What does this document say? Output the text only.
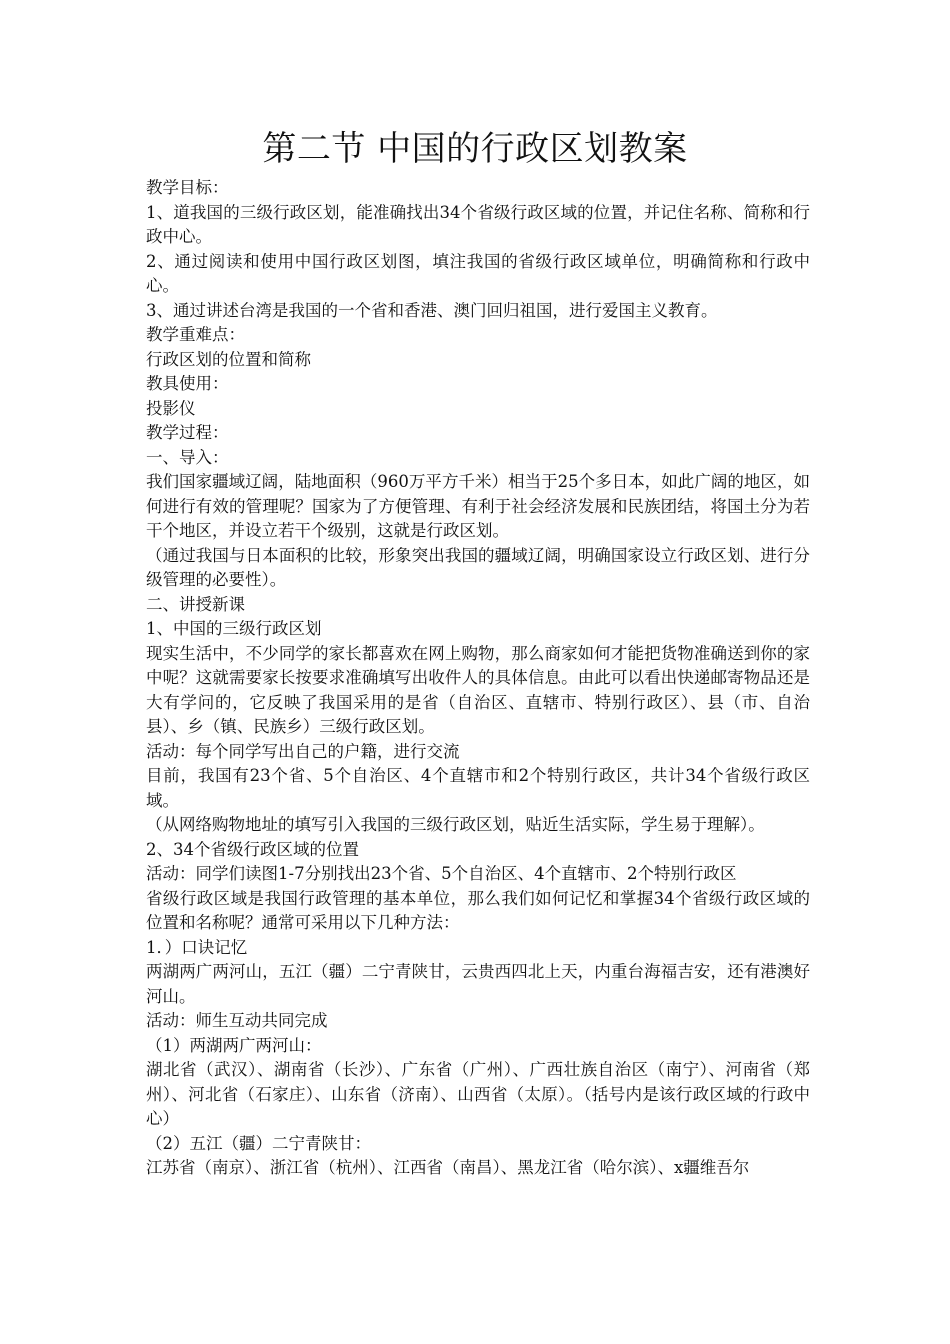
第二节 中国的行政区划教案

教学目标：

1、道我国的三级行政区划，能准确找出34个省级行政区域的位置，并记住名称、简称和行政中心。

2、通过阅读和使用中国行政区划图，填注我国的省级行政区域单位，明确简称和行政中心。

3、通过讲述台湾是我国的一个省和香港、澳门回归祖国，进行爱国主义教育。

教学重难点：

行政区划的位置和简称

教具使用：

投影仪

教学过程：

一、导入：

我们国家疆域辽阔，陆地面积（960万平方千米）相当于25个多日本，如此广阔的地区，如何进行有效的管理呢？国家为了方便管理、有利于社会经济发展和民族团结，将国土分为若干个地区，并设立若干个级别，这就是行政区划。

（通过我国与日本面积的比较，形象突出我国的疆域辽阔，明确国家设立行政区划、进行分级管理的必要性）。

二、讲授新课

1、中国的三级行政区划

现实生活中，不少同学的家长都喜欢在网上购物，那么商家如何才能把货物准确送到你的家中呢？这就需要家长按要求准确填写出收件人的具体信息。由此可以看出快递邮寄物品还是大有学问的，它反映了我国采用的是省（自治区、直辖市、特别行政区）、县（市、自治县）、乡（镇、民族乡）三级行政区划。

活动：每个同学写出自己的户籍，进行交流

目前，我国有23个省、5个自治区、4个直辖市和2个特别行政区，共计34个省级行政区域。

（从网络购物地址的填写引入我国的三级行政区划，贴近生活实际，学生易于理解）。

2、34个省级行政区域的位置

活动：同学们读图1-7分别找出23个省、5个自治区、4个直辖市、2个特别行政区

省级行政区域是我国行政管理的基本单位，那么我们如何记忆和掌握34个省级行政区域的位置和名称呢？通常可采用以下几种方法：

1．）口诀记忆

两湖两广两河山，五江（疆）二宁青陕甘，云贵西四北上天，内重台海福吉安，还有港澳好河山。

活动：师生互动共同完成

（1）两湖两广两河山：

湖北省（武汉）、湖南省（长沙）、广东省（广州）、广西壮族自治区（南宁）、河南省（郑州）、河北省（石家庄）、山东省（济南）、山西省（太原）。（括号内是该行政区域的行政中心）

（2）五江（疆）二宁青陕甘：

江苏省（南京）、浙江省（杭州）、江西省（南昌）、黑龙江省（哈尔滨）、x疆维吾尔
